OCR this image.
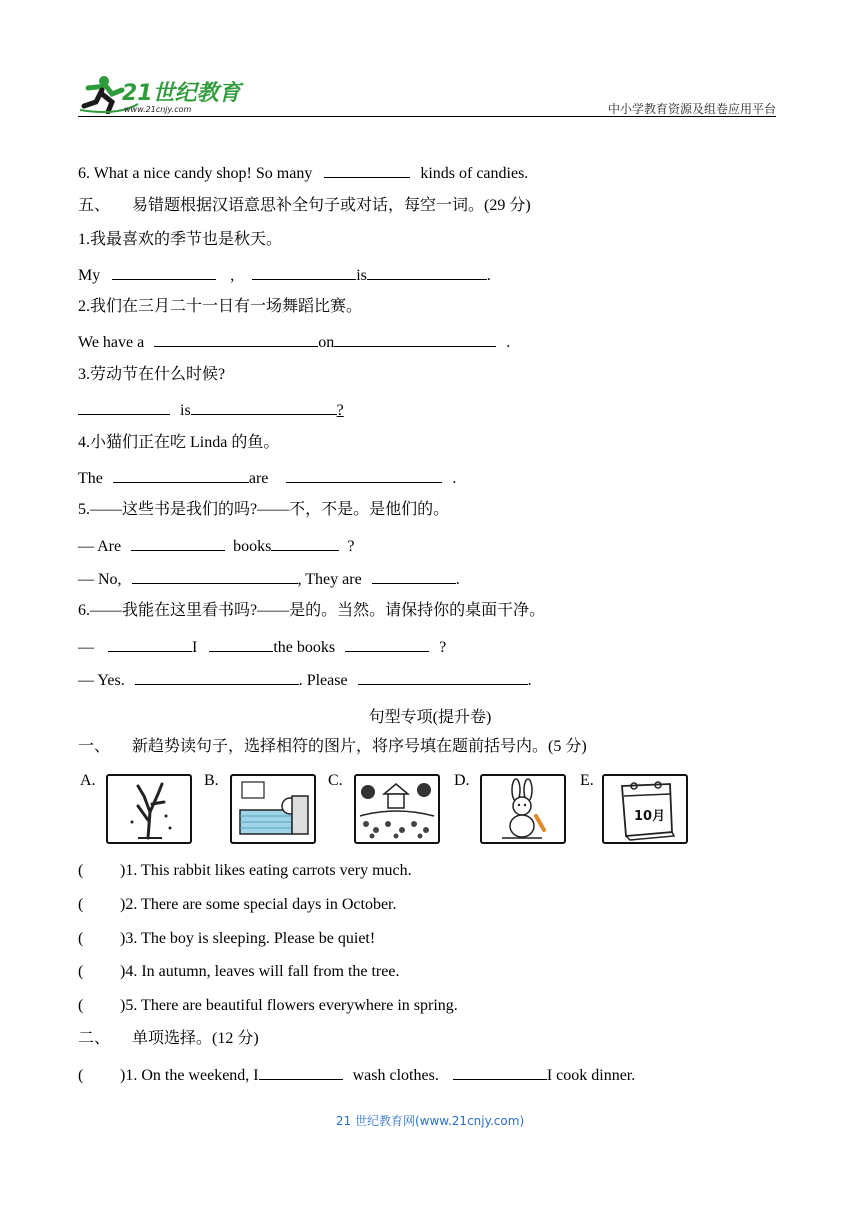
21世纪教育
www.21cnjy.com	中小学教育资源及组卷应用平台
6. What a nice candy shop! So many	kinds of candies.
五、 易错题根据汉语意思补全句子或对话，每空一词。(29 分)
1.我最喜欢的季节也是秋天。
My	,	is	.
2.我们在三月二十一日有一场舞蹈比赛。
We have a	on	.
3.劳动节在什么时候?
is	?
4.小猫们正在吃 Linda 的鱼。
The	are	.
5.——这些书是我们的吗?——不，不是。是他们的。
— Are	books	?
— No,	, They are	.
6.——我能在这里看书吗?——是的。当然。请保持你的桌面干净。
—	I	the books	?
— Yes.	. Please	.
句型专项(提升卷)
一、 新趋势读句子，选择相符的图片，将序号填在题前括号内。(5 分)
A.	B.	C.	D.	E.
10月
( )1. This rabbit likes eating carrots very much.
( )2. There are some special days in October.
( )3. The boy is sleeping. Please be quiet!
( )4. In autumn, leaves will fall from the tree.
( )5. There are beautiful flowers everywhere in spring.
二、 单项选择。(12 分)
( )1. On the weekend, I	wash clothes.	I cook dinner.
21 世纪教育网(www.21cnjy.com)
